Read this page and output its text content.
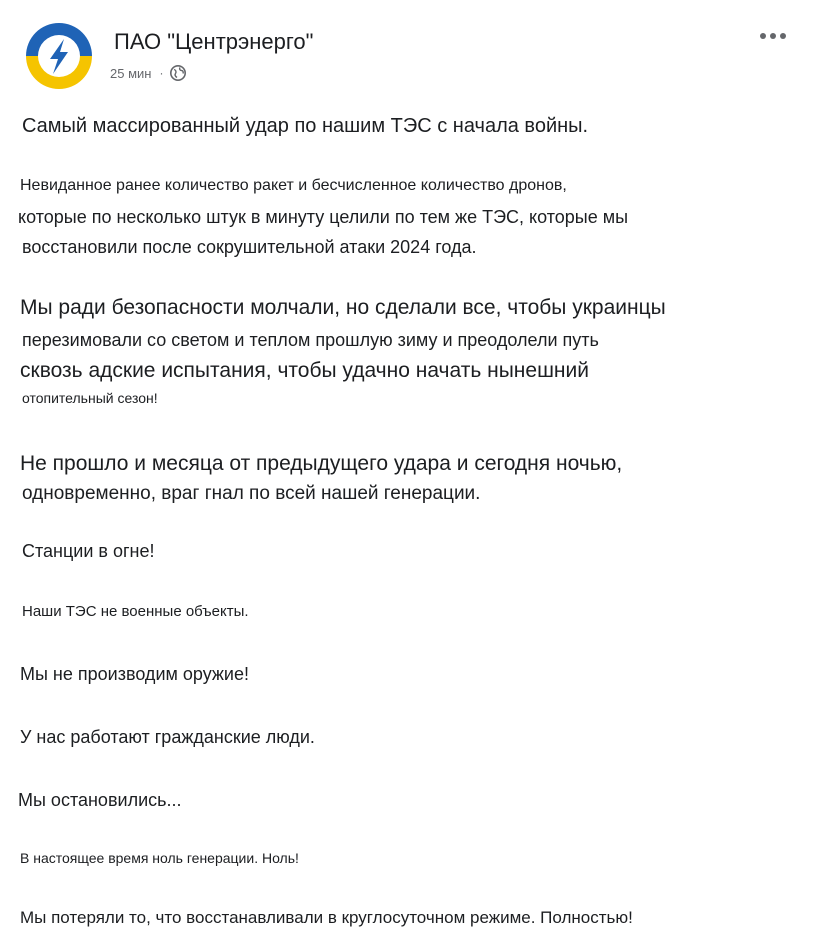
ПАО "Центрэнерго"
25 мин ·
Самый массированный удар по нашим ТЭС с начала войны.
Невиданное ранее количество ракет и бесчисленное количество дронов,
которые по несколько штук в минуту целили по тем же ТЭС, которые мы
восстановили после сокрушительной атаки 2024 года.
Мы ради безопасности молчали, но сделали все, чтобы украинцы
перезимовали со светом и теплом прошлую зиму и преодолели путь
сквозь адские испытания, чтобы удачно начать нынешний
отопительный сезон!
Не прошло и месяца от предыдущего удара и сегодня ночью,
одновременно, враг гнал по всей нашей генерации.
Станции в огне!
Наши ТЭС не военные объекты.
Мы не производим оружие!
У нас работают гражданские люди.
Мы остановились...
В настоящее время ноль генерации. Ноль!
Мы потеряли то, что восстанавливали в круглосуточном режиме. Полностью!
